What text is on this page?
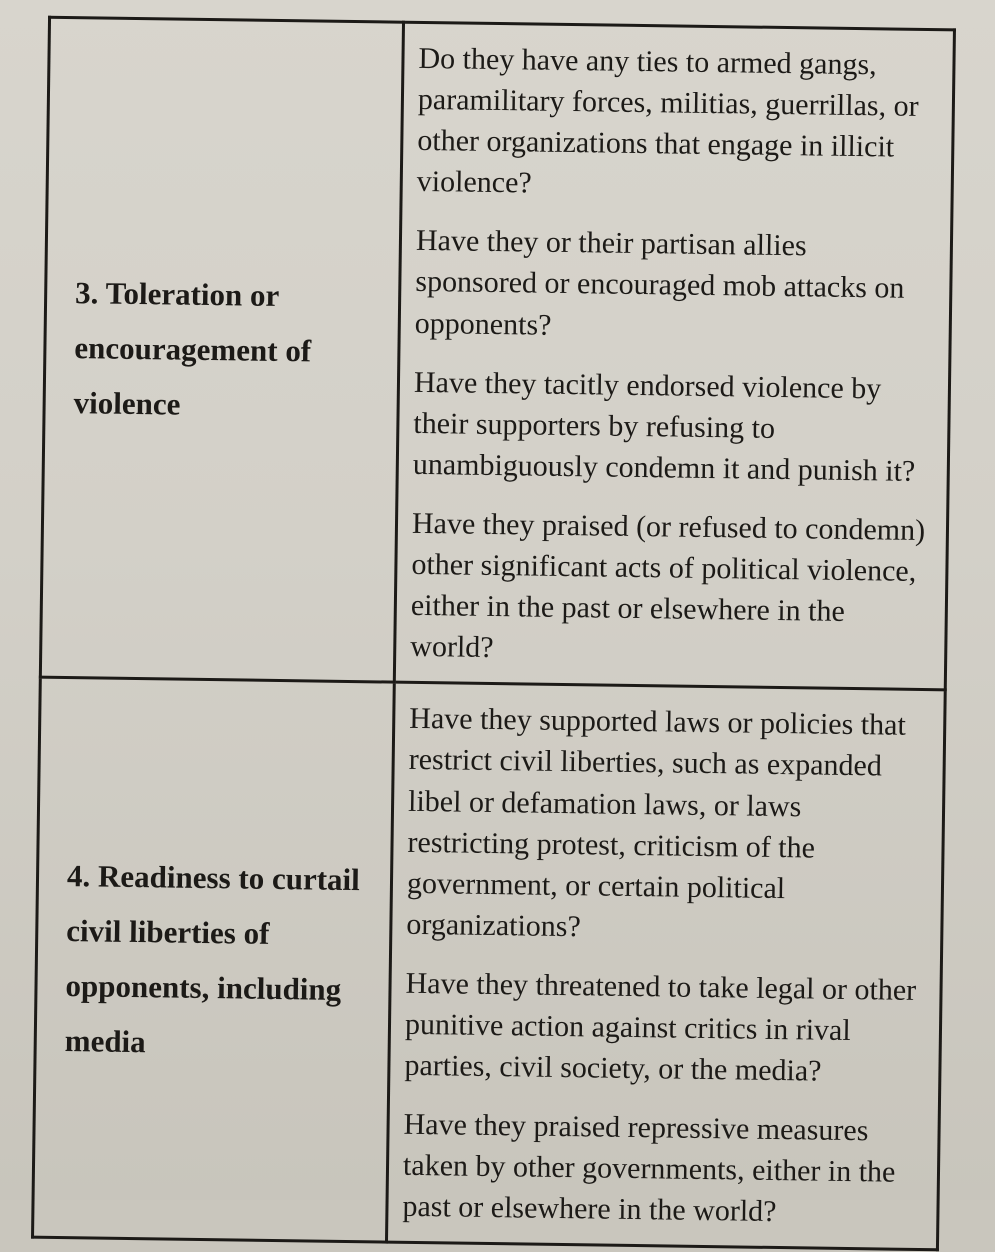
3. Toleration or encouragement of violence	Do they have any ties to armed gangs, paramilitary forces, militias, guerrillas, or other organizations that engage in illicit violence?

Have they or their partisan allies sponsored or encouraged mob attacks on opponents?

Have they tacitly endorsed violence by their supporters by refusing to unambiguously condemn it and punish it?

Have they praised (or refused to condemn) other significant acts of political violence, either in the past or elsewhere in the world?

4. Readiness to curtail civil liberties of opponents, including media	Have they supported laws or policies that restrict civil liberties, such as expanded libel or defamation laws, or laws restricting protest, criticism of the government, or certain political organizations?

Have they threatened to take legal or other punitive action against critics in rival parties, civil society, or the media?

Have they praised repressive measures taken by other governments, either in the past or elsewhere in the world?
